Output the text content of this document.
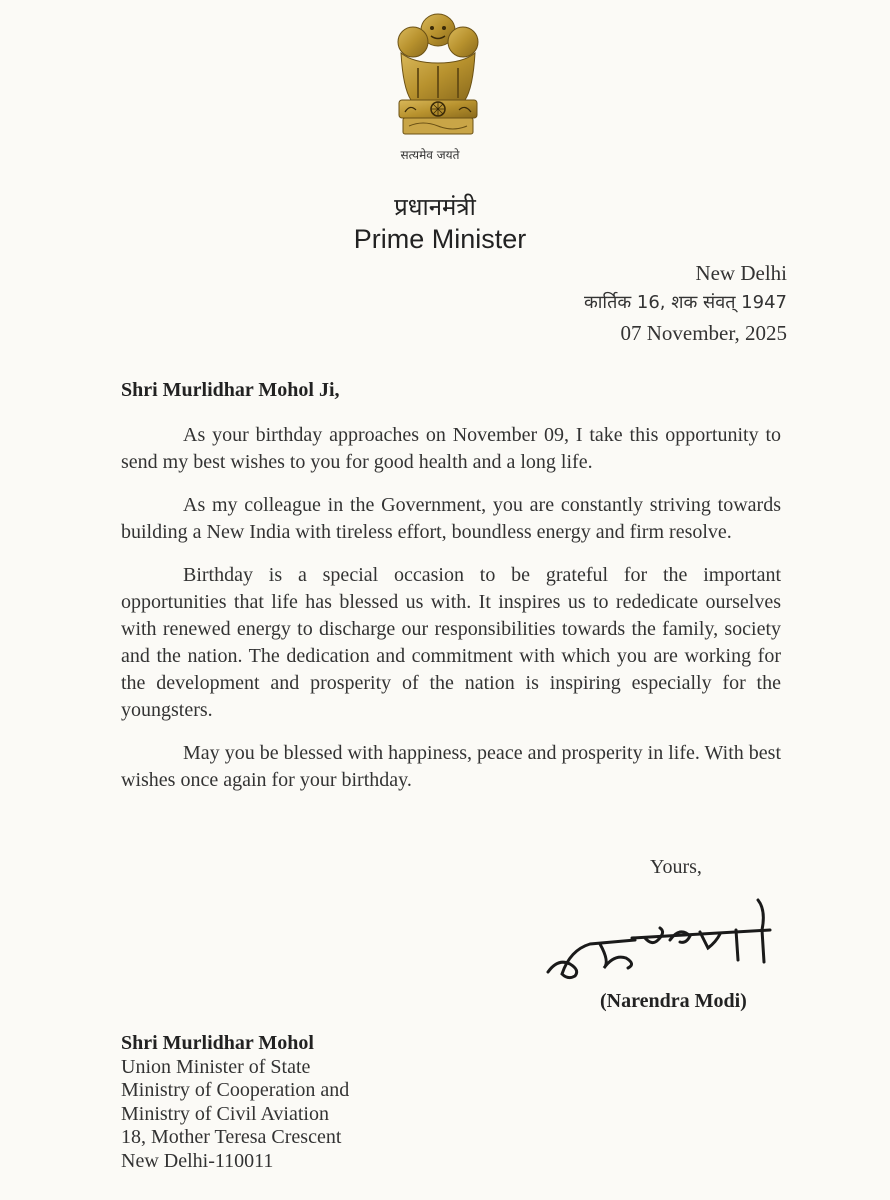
सत्यमेव जयते
प्रधानमंत्री
Prime Minister
New Delhi
कार्तिक 16, शक संवत् 1947
07 November, 2025
Shri Murlidhar Mohol Ji,

As your birthday approaches on November 09, I take this opportunity to send my best wishes to you for good health and a long life.

As my colleague in the Government, you are constantly striving towards building a New India with tireless effort, boundless energy and firm resolve.

Birthday is a special occasion to be grateful for the important opportunities that life has blessed us with. It inspires us to rededicate ourselves with renewed energy to discharge our responsibilities towards the family, society and the nation. The dedication and commitment with which you are working for the development and prosperity of the nation is inspiring especially for the youngsters.

May you be blessed with happiness, peace and prosperity in life. With best wishes once again for your birthday.

Yours,
(Narendra Modi)
Shri Murlidhar Mohol
Union Minister of State
Ministry of Cooperation and
Ministry of Civil Aviation
18, Mother Teresa Crescent
New Delhi-110011
